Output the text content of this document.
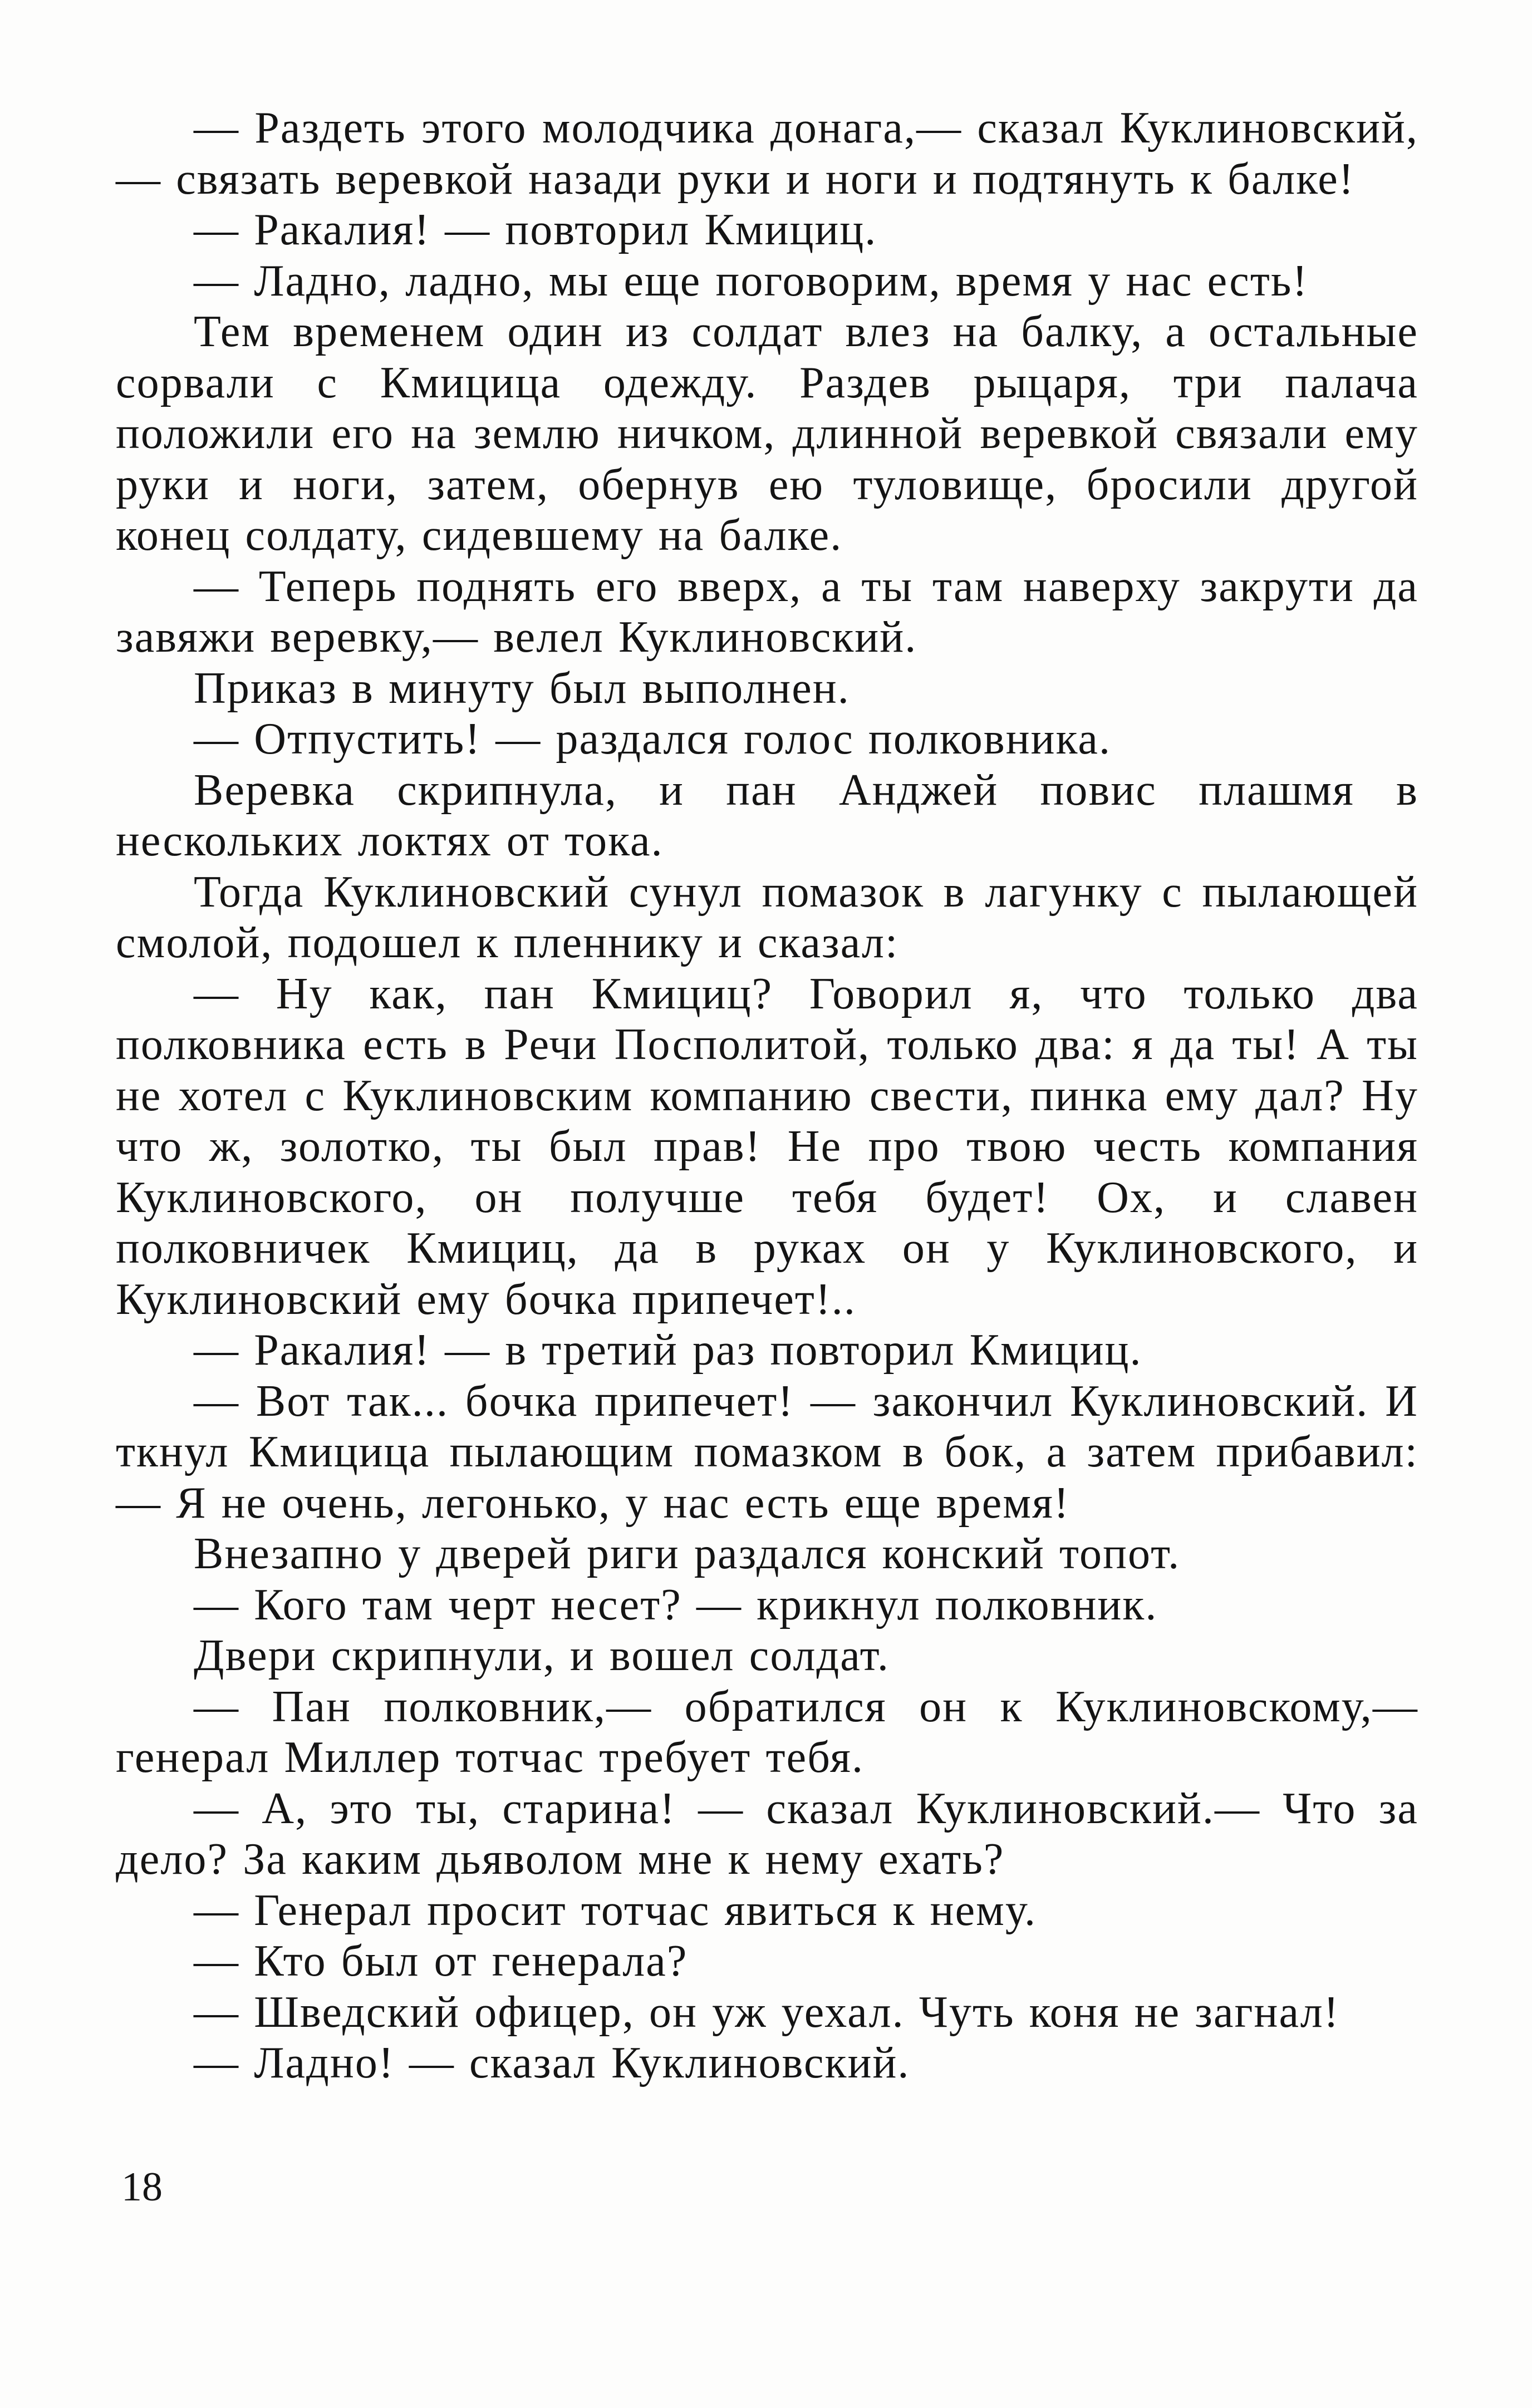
— Раздеть этого молодчика донага,— сказал Куклиновский,— связать веревкой назади руки и ноги и подтянуть к балке!

— Ракалия! — повторил Кмициц.

— Ладно, ладно, мы еще поговорим, время у нас есть!

Тем временем один из солдат влез на балку, а остальные сорвали с Кмицица одежду. Раздев рыцаря, три палача положили его на землю ничком, длинной веревкой связали ему руки и ноги, затем, обернув ею туловище, бросили другой конец солдату, сидевшему на балке.

— Теперь поднять его вверх, а ты там наверху закрути да завяжи веревку,— велел Куклиновский.

Приказ в минуту был выполнен.

— Отпустить! — раздался голос полковника.

Веревка скрипнула, и пан Анджей повис плашмя в нескольких локтях от тока.

Тогда Куклиновский сунул помазок в лагунку с пылающей смолой, подошел к пленнику и сказал:

— Ну как, пан Кмициц? Говорил я, что только два полковника есть в Речи Посполитой, только два: я да ты! А ты не хотел с Куклиновским компанию свести, пинка ему дал? Ну что ж, золотко, ты был прав! Не про твою честь компания Куклиновского, он получше тебя будет! Ох, и славен полковничек Кмициц, да в руках он у Куклиновского, и Куклиновский ему бочка припечет!..

— Ракалия! — в третий раз повторил Кмициц.

— Вот так... бочка припечет! — закончил Куклиновский. И ткнул Кмицица пылающим помазком в бок, а затем прибавил:— Я не очень, легонько, у нас есть еще время!

Внезапно у дверей риги раздался конский топот.

— Кого там черт несет? — крикнул полковник.

Двери скрипнули, и вошел солдат.

— Пан полковник,— обратился он к Куклиновскому,— генерал Миллер тотчас требует тебя.

— А, это ты, старина! — сказал Куклиновский.— Что за дело? За каким дьяволом мне к нему ехать?

— Генерал просит тотчас явиться к нему.

— Кто был от генерала?

— Шведский офицер, он уж уехал. Чуть коня не загнал!

— Ладно! — сказал Куклиновский.

18
